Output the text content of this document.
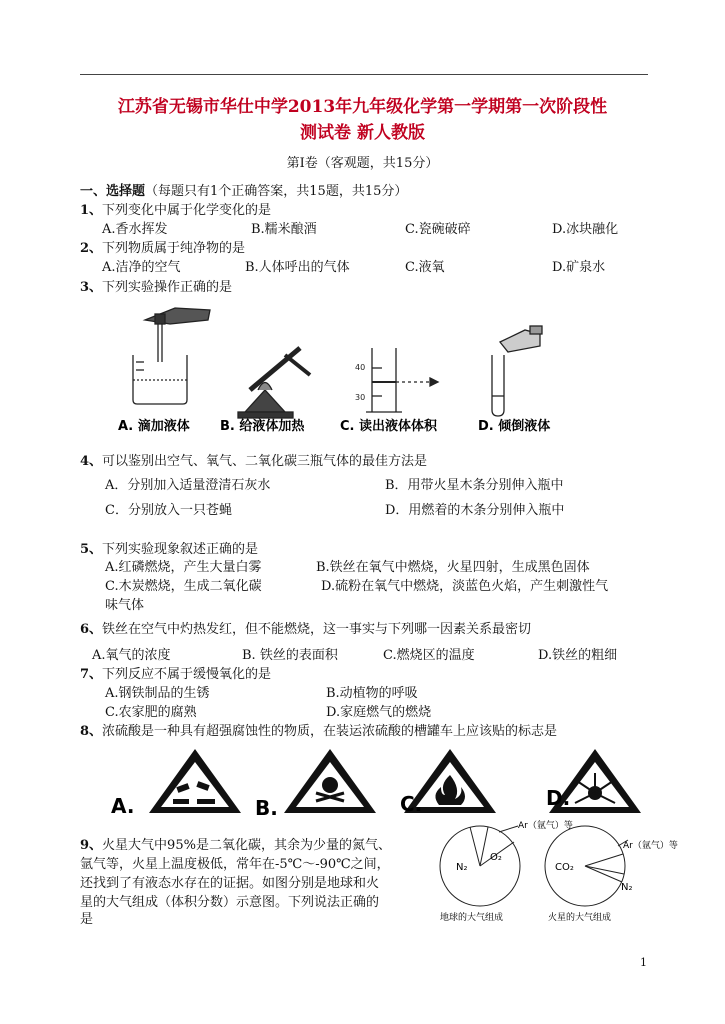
江苏省无锡市华仕中学2013年九年级化学第一学期第一次阶段性
测试卷 新人教版
第Ⅰ卷（客观题，共15分）
一、选择题（每题只有1个正确答案，共15题，共15分）
1、下列变化中属于化学变化的是
A.香水挥发	B.糯米酿酒	C.瓷碗破碎	D.冰块融化
2、下列物质属于纯净物的是
A.洁净的空气	B.人体呼出的气体	C.液氧	D.矿泉水
3、下列实验操作正确的是
40
30
A. 滴加液体 B. 给液体加热	C. 读出液体体积	D. 倾倒液体
4、可以鉴别出空气、氧气、二氧化碳三瓶气体的最佳方法是
A．分别加入适量澄清石灰水	B．用带火星木条分别伸入瓶中
C．分别放入一只苍蝇	D．用燃着的木条分别伸入瓶中
5、下列实验现象叙述正确的是
A.红磷燃烧，产生大量白雾	B.铁丝在氧气中燃烧，火星四射，生成黑色固体
C.木炭燃烧，生成二氧化碳	D.硫粉在氧气中燃烧，淡蓝色火焰，产生刺激性气
味气体
6、铁丝在空气中灼热发红，但不能燃烧，这一事实与下列哪一因素关系最密切
A.氧气的浓度	B. 铁丝的表面积	C.燃烧区的温度	D.铁丝的粗细
7、下列反应不属于缓慢氧化的是
A.钢铁制品的生锈	B.动植物的呼吸
C.农家肥的腐熟	D.家庭燃气的燃烧
8、浓硫酸是一种具有超强腐蚀性的物质，在装运浓硫酸的槽罐车上应该贴的标志是
A.	B.	C.	D.
9、火星大气中95%是二氧化碳，其余为少量的氮气、
氩气等，火星上温度极低，常年在-5℃～-90℃之间，
还找到了有液态水存在的证据。如图分别是地球和火
星的大气组成（体积分数）示意图。下列说法正确的
是
Ar（氩气）等
N₂
O₂
地球的大气组成
Ar（氩气）等
CO₂
N₂
火星的大气组成
1
